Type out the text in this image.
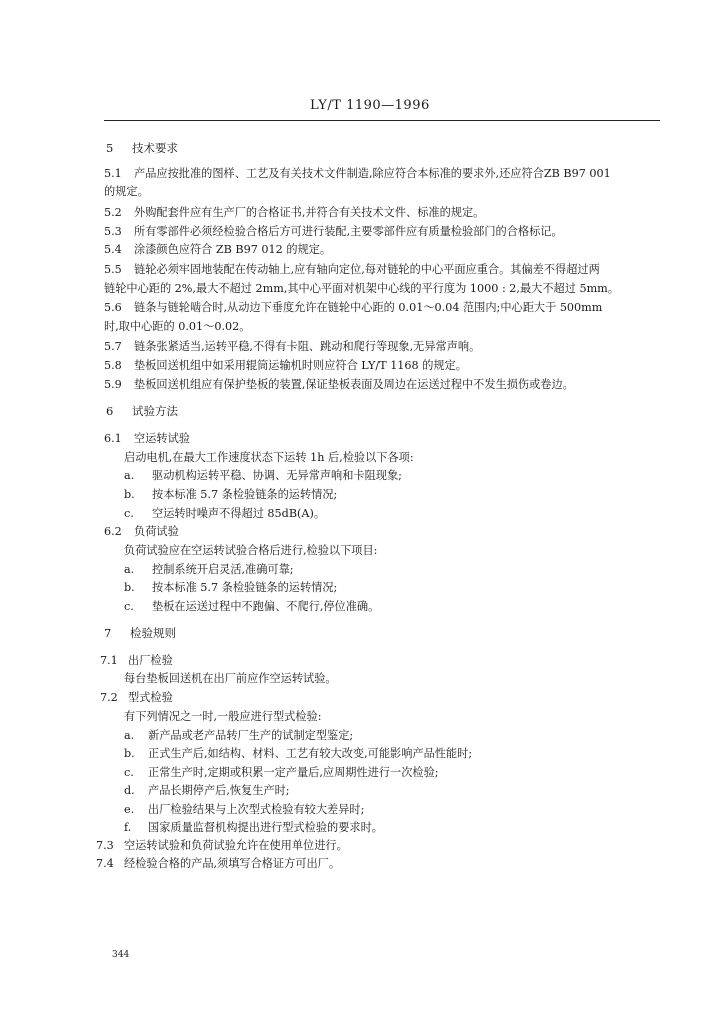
LY/T 1190—1996
5 技术要求
5.1 产品应按批准的图样、工艺及有关技术文件制造,除应符合本标准的要求外,还应符合ZB B97 001
的规定。
5.2 外购配套件应有生产厂的合格证书,并符合有关技术文件、标准的规定。
5.3 所有零部件必须经检验合格后方可进行装配,主要零部件应有质量检验部门的合格标记。
5.4 涂漆颜色应符合 ZB B97 012 的规定。
5.5 链轮必须牢固地装配在传动轴上,应有轴向定位,每对链轮的中心平面应重合。其偏差不得超过两
链轮中心距的 2%,最大不超过 2mm,其中心平面对机架中心线的平行度为 1000 : 2,最大不超过 5mm。
5.6 链条与链轮啮合时,从动边下垂度允许在链轮中心距的 0.01～0.04 范围内;中心距大于 500mm
时,取中心距的 0.01～0.02。
5.7 链条张紧适当,运转平稳,不得有卡阻、跳动和爬行等现象,无异常声响。
5.8 垫板回送机组中如采用辊筒运输机时则应符合 LY/T 1168 的规定。
5.9 垫板回送机组应有保护垫板的装置,保证垫板表面及周边在运送过程中不发生损伤或卷边。
6 试验方法
6.1 空运转试验
启动电机,在最大工作速度状态下运转 1h 后,检验以下各项:
a. 驱动机构运转平稳、协调、无异常声响和卡阻现象;
b. 按本标准 5.7 条检验链条的运转情况;
c. 空运转时噪声不得超过 85dB(A)。
6.2 负荷试验
负荷试验应在空运转试验合格后进行,检验以下项目:
a. 控制系统开启灵活,准确可靠;
b. 按本标准 5.7 条检验链条的运转情况;
c. 垫板在运送过程中不跑偏、不爬行,停位准确。
7 检验规则
7.1 出厂检验
每台垫板回送机在出厂前应作空运转试验。
7.2 型式检验
有下列情况之一时,一般应进行型式检验:
a. 新产品或老产品转厂生产的试制定型鉴定;
b. 正式生产后,如结构、材料、工艺有较大改变,可能影响产品性能时;
c. 正常生产时,定期或积累一定产量后,应周期性进行一次检验;
d. 产品长期停产后,恢复生产时;
e. 出厂检验结果与上次型式检验有较大差异时;
f. 国家质量监督机构提出进行型式检验的要求时。
7.3 空运转试验和负荷试验允许在使用单位进行。
7.4 经检验合格的产品,须填写合格证方可出厂。
344
